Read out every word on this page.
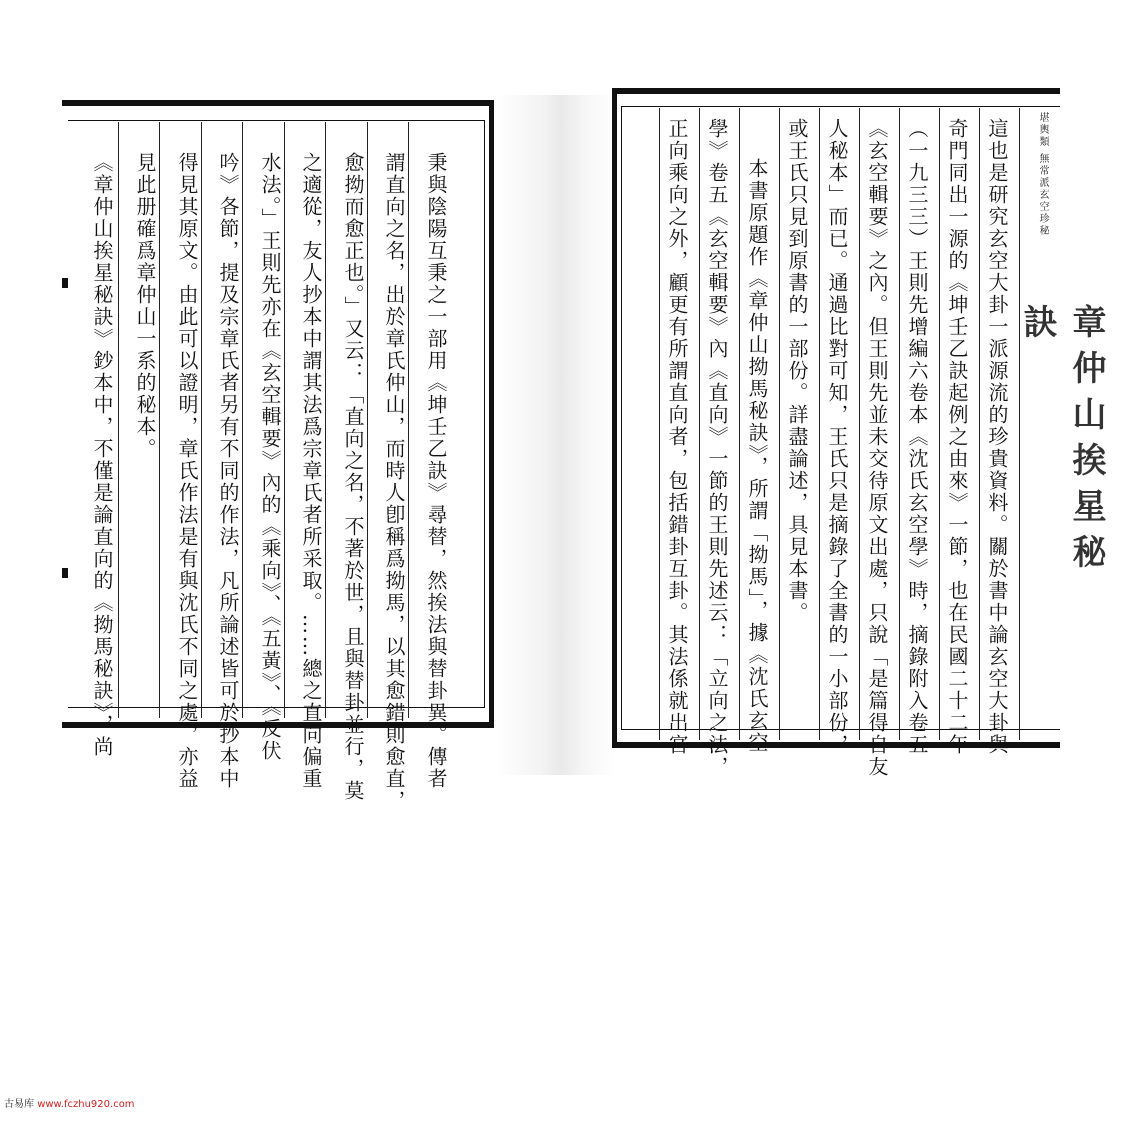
秉與陰陽互秉之一部用《坤壬乙訣》尋替，然挨法與替卦異。傳者
謂直向之名，出於章氏仲山，而時人卽稱爲拗馬，以其愈錯則愈直，
愈拗而愈正也。」又云：「直向之名，不著於世，且與替卦並行，莫
之適從，友人抄本中謂其法爲宗章氏者所采取。……總之直向偏重
水法。」王則先亦在《玄空輯要》內的《乘向》、《五黃》、《反伏
吟》各節，提及宗章氏者另有不同的作法，凡所論述皆可於抄本中
得見其原文。由此可以證明，章氏作法是有與沈氏不同之處，亦益
見此册確爲章仲山一系的秘本。
《章仲山挨星秘訣》鈔本中，不僅是論直向的《拗馬秘訣》，尚	堪輿類 無常派玄空珍秘
章仲山挨星秘訣
這也是研究玄空大卦一派源流的珍貴資料。關於書中論玄空大卦與
奇門同出一源的《坤壬乙訣起例之由來》一節，也在民國二十二年
（一九三三）王則先增編六卷本《沈氏玄空學》時，摘錄附入卷五
《玄空輯要》之內。但王則先並未交待原文出處，只說「是篇得自友
人秘本」而已。通過比對可知，王氏只是摘錄了全書的一小部份，
或王氏只見到原書的一部份。詳盡論述，具見本書。
本書原題作《章仲山拗馬秘訣》，所謂「拗馬」，據《沈氏玄空
學》卷五《玄空輯要》內《直向》一節的王則先述云：「立向之法，
正向乘向之外，顧更有所謂直向者，包括錯卦互卦。其法係就出宮
古易库 www.fczhu920.com
